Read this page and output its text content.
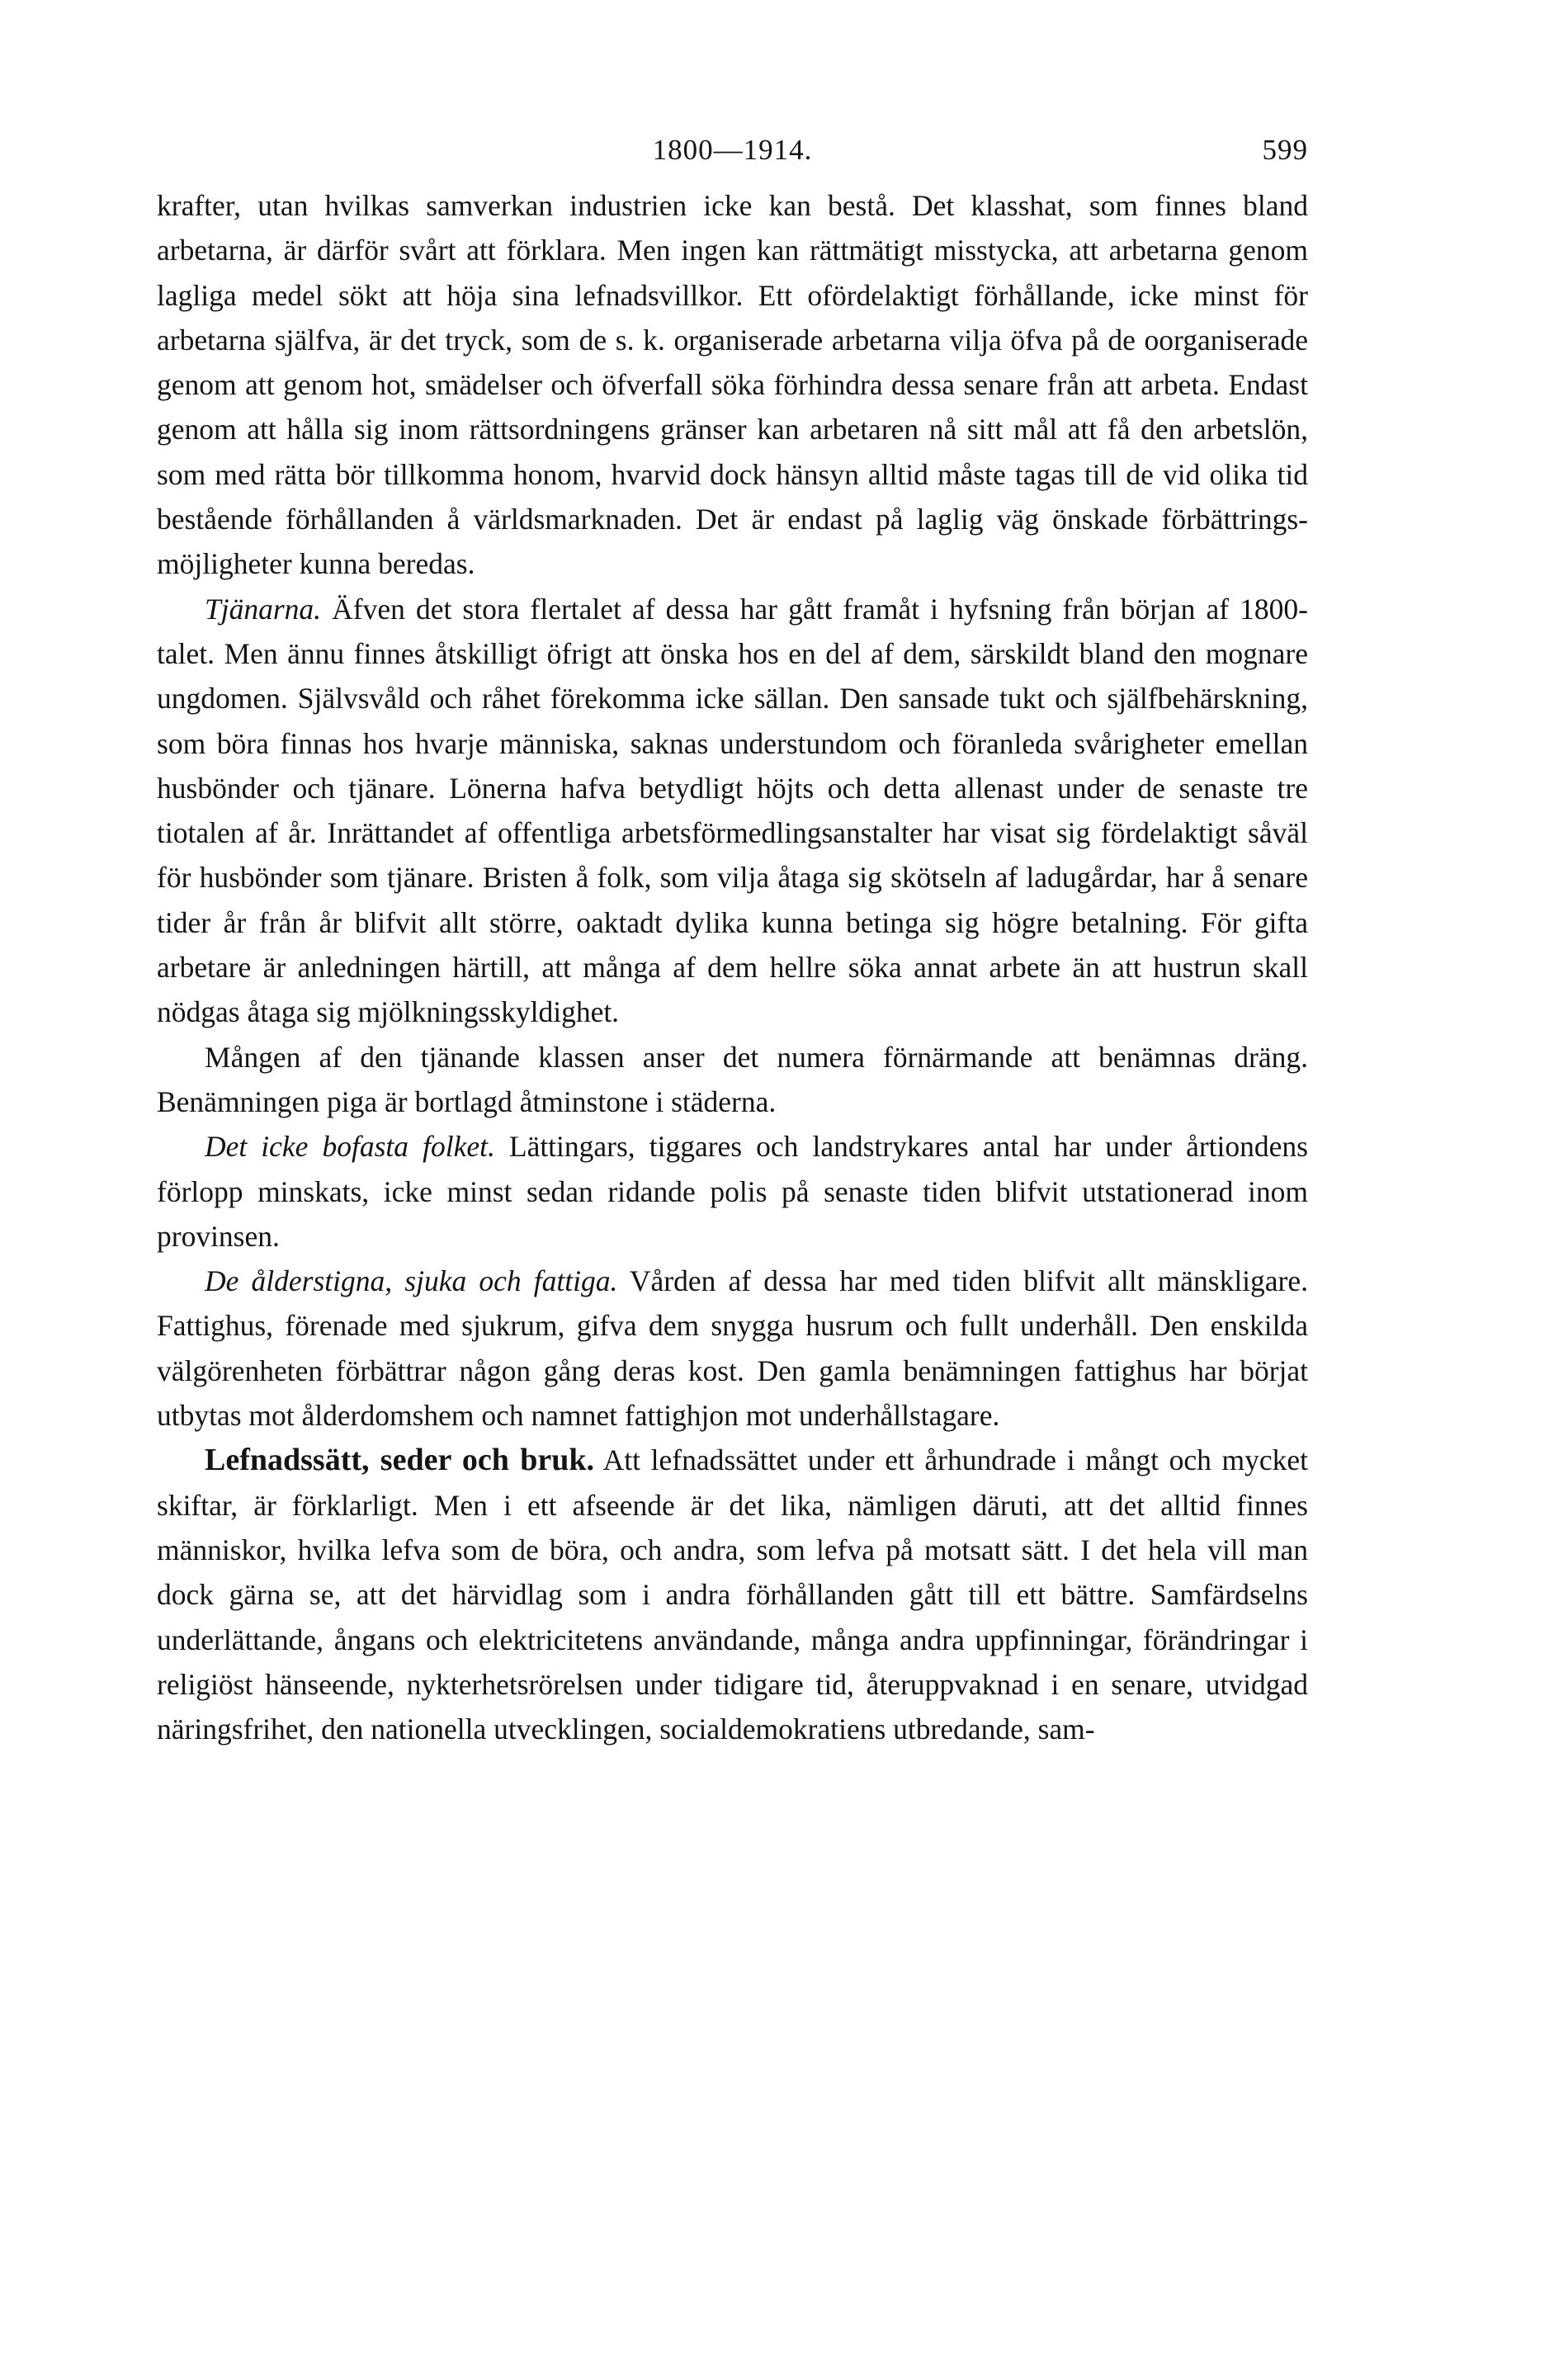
1800—1914.	599

krafter, utan hvilkas samverkan industrien icke kan bestå. Det klasshat, som finnes bland arbetarna, är därför svårt att förklara. Men ingen kan rättmätigt misstycka, att arbetarna genom lagliga medel sökt att höja sina lefnadsvillkor. Ett ofördelaktigt förhållande, icke minst för arbetarna själfva, är det tryck, som de s. k. organiserade arbetarna vilja öfva på de oorganiserade genom att genom hot, smädelser och öfverfall söka förhindra dessa senare från att arbeta. Endast genom att hålla sig inom rättsordningens gränser kan arbetaren nå sitt mål att få den arbetslön, som med rätta bör tillkomma honom, hvarvid dock hänsyn alltid måste tagas till de vid olika tid bestående förhållanden å världsmarknaden. Det är endast på laglig väg önskade förbättringsmöjligheter kunna beredas.

Tjänarna. Äfven det stora flertalet af dessa har gått framåt i hyfsning från början af 1800-talet. Men ännu finnes åtskilligt öfrigt att önska hos en del af dem, särskildt bland den mognare ungdomen. Självsvåld och råhet förekomma icke sällan. Den sansade tukt och själfbehärskning, som böra finnas hos hvarje människa, saknas understundom och föranleda svårigheter emellan husbönder och tjänare. Lönerna hafva betydligt höjts och detta allenast under de senaste tre tiotalen af år. Inrättandet af offentliga arbetsförmedlingsanstalter har visat sig fördelaktigt såväl för husbönder som tjänare. Bristen å folk, som vilja åtaga sig skötseln af ladugårdar, har å senare tider år från år blifvit allt större, oaktadt dylika kunna betinga sig högre betalning. För gifta arbetare är anledningen härtill, att många af dem hellre söka annat arbete än att hustrun skall nödgas åtaga sig mjölkningsskyldighet.

Mången af den tjänande klassen anser det numera förnärmande att benämnas dräng. Benämningen piga är bortlagd åtminstone i städerna.

Det icke bofasta folket. Lättingars, tiggares och landstrykares antal har under årtiondens förlopp minskats, icke minst sedan ridande polis på senaste tiden blifvit utstationerad inom provinsen.

De ålderstigna, sjuka och fattiga. Vården af dessa har med tiden blifvit allt mänskligare. Fattighus, förenade med sjukrum, gifva dem snygga husrum och fullt underhåll. Den enskilda välgörenheten förbättrar någon gång deras kost. Den gamla benämningen fattighus har börjat utbytas mot ålderdomshem och namnet fattighjon mot underhållstagare.

Lefnadssätt, seder och bruk. Att lefnadssättet under ett århundrade i mångt och mycket skiftar, är förklarligt. Men i ett afseende är det lika, nämligen däruti, att det alltid finnes människor, hvilka lefva som de böra, och andra, som lefva på motsatt sätt. I det hela vill man dock gärna se, att det härvidlag som i andra förhållanden gått till ett bättre. Samfärdselns underlättande, ångans och elektricitetens användande, många andra uppfinningar, förändringar i religiöst hänseende, nykterhetsrörelsen under tidigare tid, återuppvaknad i en senare, utvidgad näringsfrihet, den nationella utvecklingen, socialdemokratiens utbredande, sam-
